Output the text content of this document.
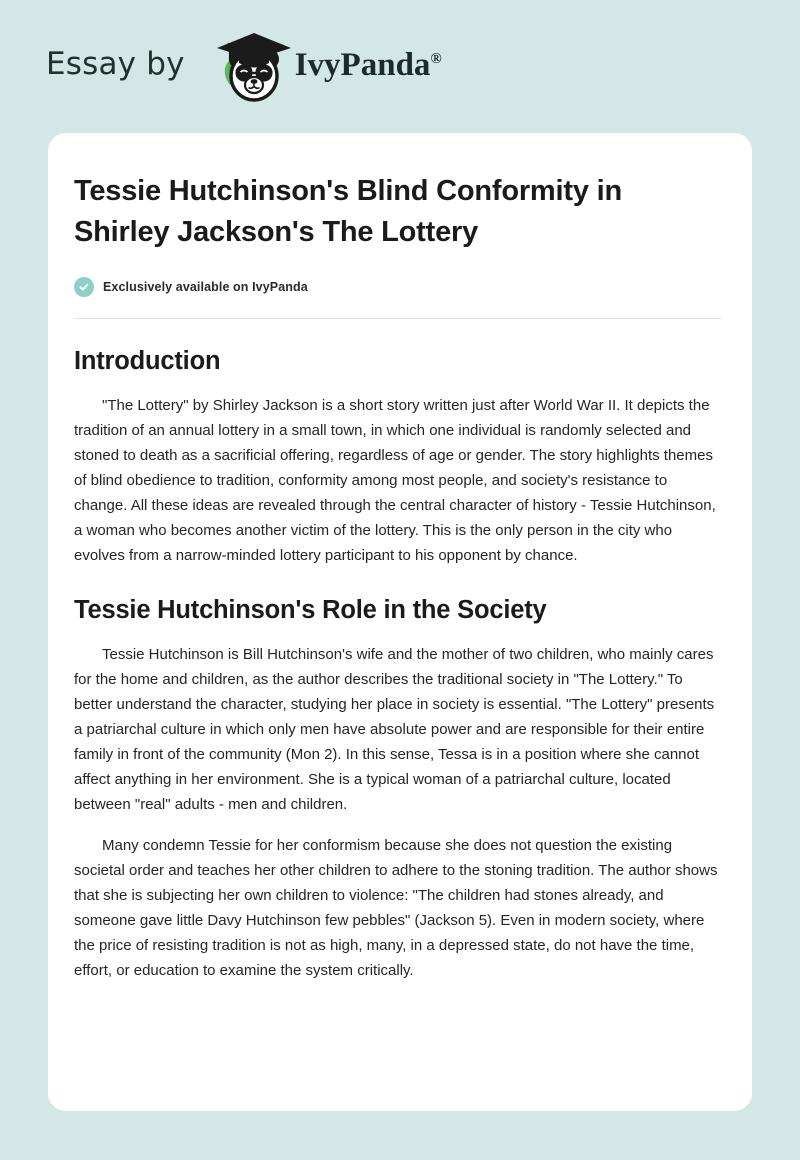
Essay by	IvyPanda®
Tessie Hutchinson's Blind Conformity in Shirley Jackson's The Lottery
Exclusively available on IvyPanda
Introduction

"The Lottery" by Shirley Jackson is a short story written just after World War II. It depicts the tradition of an annual lottery in a small town, in which one individual is randomly selected and stoned to death as a sacrificial offering, regardless of age or gender. The story highlights themes of blind obedience to tradition, conformity among most people, and society's resistance to change. All these ideas are revealed through the central character of history - Tessie Hutchinson, a woman who becomes another victim of the lottery. This is the only person in the city who evolves from a narrow-minded lottery participant to his opponent by chance.

Tessie Hutchinson's Role in the Society

Tessie Hutchinson is Bill Hutchinson's wife and the mother of two children, who mainly cares for the home and children, as the author describes the traditional society in "The Lottery." To better understand the character, studying her place in society is essential. "The Lottery" presents a patriarchal culture in which only men have absolute power and are responsible for their entire family in front of the community (Mon 2). In this sense, Tessa is in a position where she cannot affect anything in her environment. She is a typical woman of a patriarchal culture, located between "real" adults - men and children.

Many condemn Tessie for her conformism because she does not question the existing societal order and teaches her other children to adhere to the stoning tradition. The author shows that she is subjecting her own children to violence: "The children had stones already, and someone gave little Davy Hutchinson few pebbles" (Jackson 5). Even in modern society, where the price of resisting tradition is not as high, many, in a depressed state, do not have the time, effort, or education to examine the system critically.
